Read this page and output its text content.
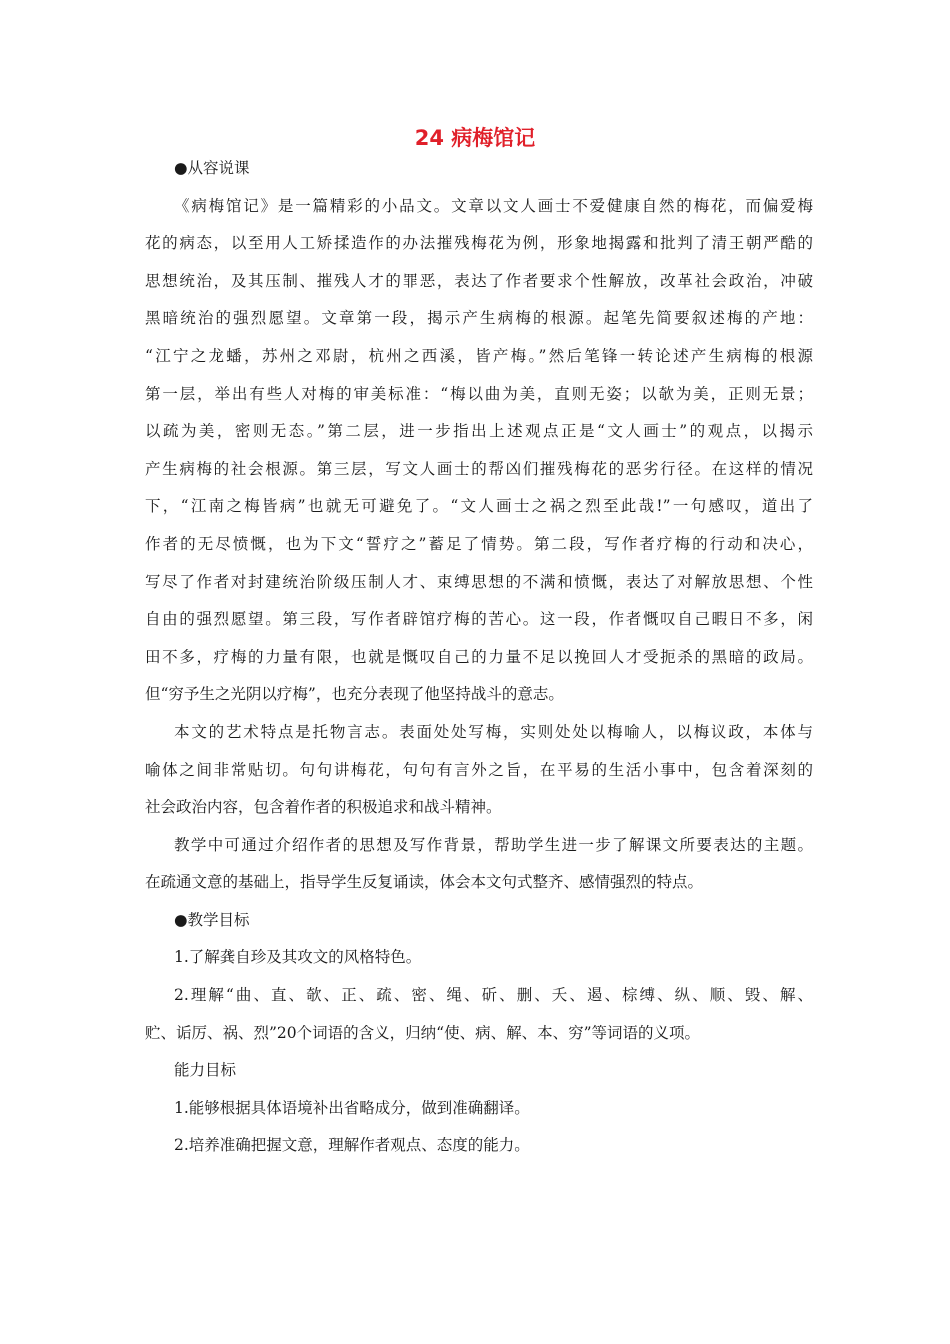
24 病梅馆记
●从容说课
《病梅馆记》是一篇精彩的小品文。文章以文人画士不爱健康自然的梅花，而偏爱梅
花的病态，以至用人工矫揉造作的办法摧残梅花为例，形象地揭露和批判了清王朝严酷的
思想统治，及其压制、摧残人才的罪恶，表达了作者要求个性解放，改革社会政治，冲破
黑暗统治的强烈愿望。文章第一段，揭示产生病梅的根源。起笔先简要叙述梅的产地：
“江宁之龙蟠，苏州之邓尉，杭州之西溪，皆产梅。”然后笔锋一转论述产生病梅的根源
第一层，举出有些人对梅的审美标准：“梅以曲为美，直则无姿；以欹为美，正则无景；
以疏为美，密则无态。”第二层，进一步指出上述观点正是“文人画士”的观点，以揭示
产生病梅的社会根源。第三层，写文人画士的帮凶们摧残梅花的恶劣行径。在这样的情况
下，“江南之梅皆病”也就无可避免了。“文人画士之祸之烈至此哉!”一句感叹，道出了
作者的无尽愤慨，也为下文“誓疗之”蓄足了情势。第二段，写作者疗梅的行动和决心，
写尽了作者对封建统治阶级压制人才、束缚思想的不满和愤慨，表达了对解放思想、个性
自由的强烈愿望。第三段，写作者辟馆疗梅的苦心。这一段，作者慨叹自己暇日不多，闲
田不多，疗梅的力量有限，也就是慨叹自己的力量不足以挽回人才受扼杀的黑暗的政局。
但“穷予生之光阴以疗梅”，也充分表现了他坚持战斗的意志。
本文的艺术特点是托物言志。表面处处写梅，实则处处以梅喻人，以梅议政，本体与
喻体之间非常贴切。句句讲梅花，句句有言外之旨，在平易的生活小事中，包含着深刻的
社会政治内容，包含着作者的积极追求和战斗精神。
教学中可通过介绍作者的思想及写作背景，帮助学生进一步了解课文所要表达的主题。
在疏通文意的基础上，指导学生反复诵读，体会本文句式整齐、感情强烈的特点。
●教学目标
1.了解龚自珍及其攻文的风格特色。
2.理解“曲、直、欹、正、疏、密、绳、斫、删、夭、遏、棕缚、纵、顺、毁、解、
贮、诟厉、祸、烈”20个词语的含义，归纳“使、病、解、本、穷”等词语的义项。
能力目标
1.能够根据具体语境补出省略成分，做到准确翻译。
2.培养准确把握文意，理解作者观点、态度的能力。
